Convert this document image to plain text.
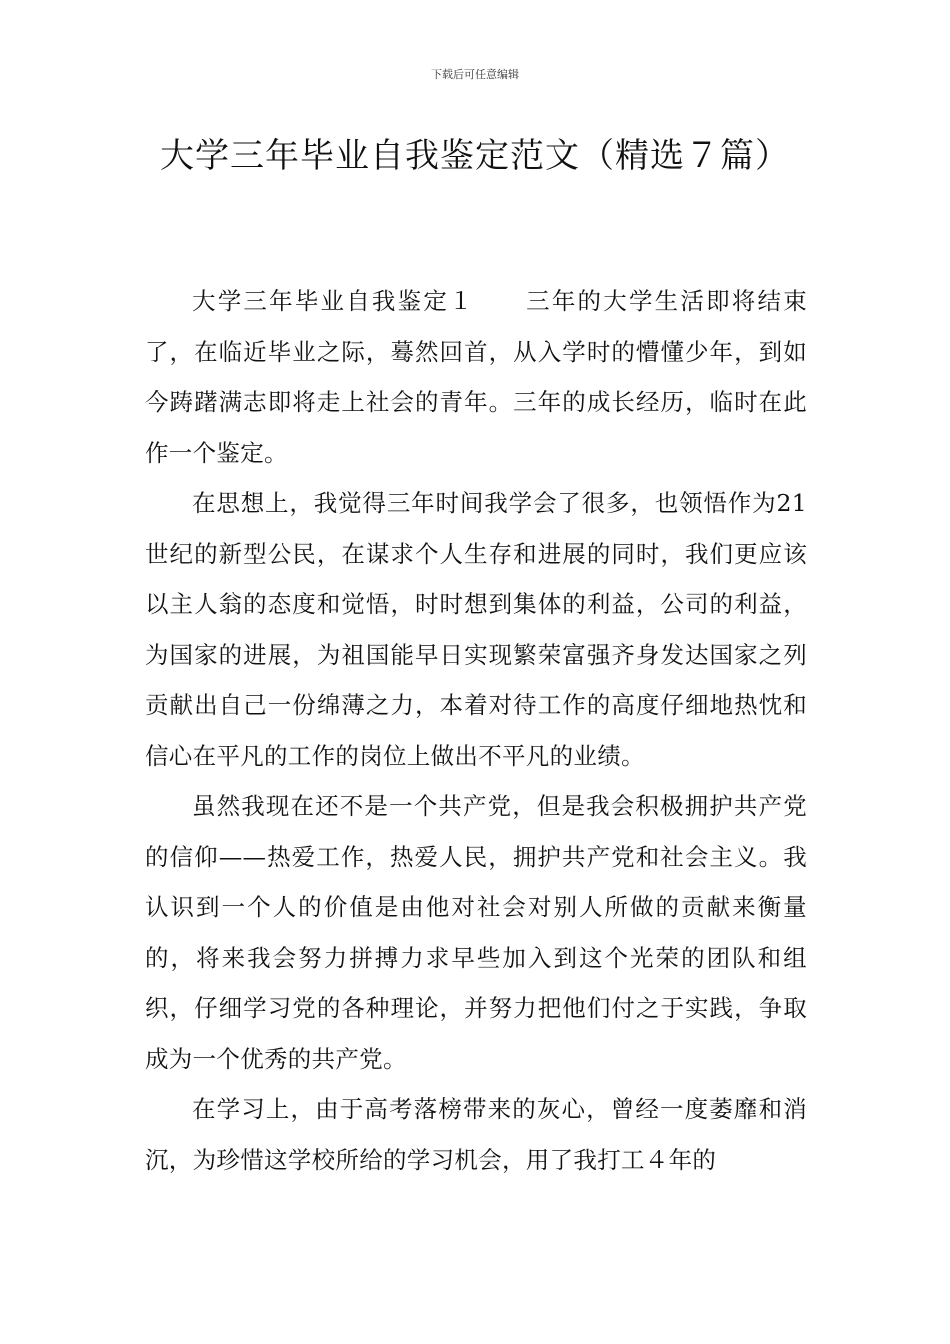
下载后可任意编辑
大学三年毕业自我鉴定范文（精选７篇）

大学三年毕业自我鉴定１　　三年的大学生活即将结束了，在临近毕业之际，蓦然回首，从入学时的懵懂少年，到如今踌躇满志即将走上社会的青年。三年的成长经历，临时在此作一个鉴定。

在思想上，我觉得三年时间我学会了很多，也领悟作为21世纪的新型公民，在谋求个人生存和进展的同时，我们更应该以主人翁的态度和觉悟，时时想到集体的利益，公司的利益，为国家的进展，为祖国能早日实现繁荣富强齐身发达国家之列贡献出自己一份绵薄之力，本着对待工作的高度仔细地热忱和信心在平凡的工作的岗位上做出不平凡的业绩。

虽然我现在还不是一个共产党，但是我会积极拥护共产党的信仰——热爱工作，热爱人民，拥护共产党和社会主义。我认识到一个人的价值是由他对社会对别人所做的贡献来衡量的，将来我会努力拼搏力求早些加入到这个光荣的团队和组织，仔细学习党的各种理论，并努力把他们付之于实践，争取成为一个优秀的共产党。

在学习上，由于高考落榜带来的灰心，曾经一度萎靡和消沉，为珍惜这学校所给的学习机会，用了我打工４年的
